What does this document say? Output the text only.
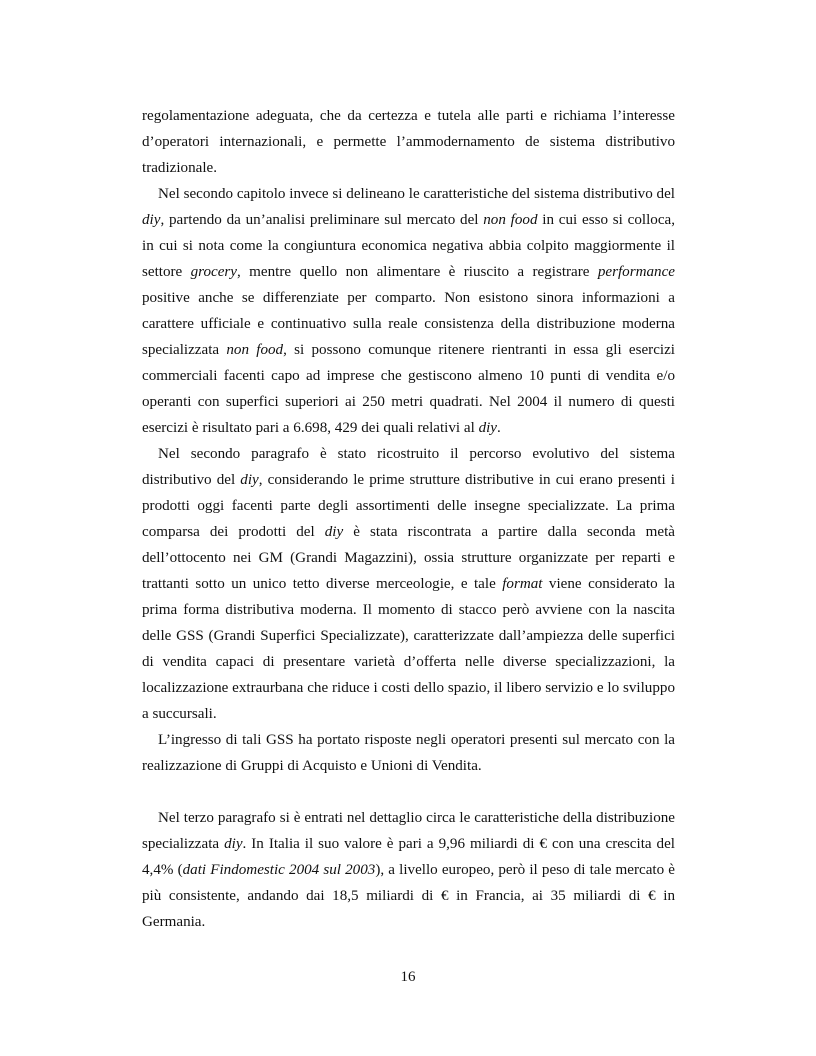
regolamentazione adeguata, che da certezza e tutela alle parti e richiama l’interesse d’operatori internazionali, e permette l’ammodernamento de sistema distributivo tradizionale.

Nel secondo capitolo invece si delineano le caratteristiche del sistema distributivo del diy, partendo da un’analisi preliminare sul mercato del non food in cui esso si colloca, in cui si nota come la congiuntura economica negativa abbia colpito maggiormente il settore grocery, mentre quello non alimentare è riuscito a registrare performance positive anche se differenziate per comparto. Non esistono sinora informazioni a carattere ufficiale e continuativo sulla reale consistenza della distribuzione moderna specializzata non food, si possono comunque ritenere rientranti in essa gli esercizi commerciali facenti capo ad imprese che gestiscono almeno 10 punti di vendita e/o operanti con superfici superiori ai 250 metri quadrati. Nel 2004 il numero di questi esercizi è risultato pari a 6.698, 429 dei quali relativi al diy.

Nel secondo paragrafo è stato ricostruito il percorso evolutivo del sistema distributivo del diy, considerando le prime strutture distributive in cui erano presenti i prodotti oggi facenti parte degli assortimenti delle insegne specializzate. La prima comparsa dei prodotti del diy è stata riscontrata a partire dalla seconda metà dell’ottocento nei GM (Grandi Magazzini), ossia strutture organizzate per reparti e trattanti sotto un unico tetto diverse merceologie, e tale format viene considerato la prima forma distributiva moderna. Il momento di stacco però avviene con la nascita delle GSS (Grandi Superfici Specializzate), caratterizzate dall’ampiezza delle superfici di vendita capaci di presentare varietà d’offerta nelle diverse specializzazioni, la localizzazione extraurbana che riduce i costi dello spazio, il libero servizio e lo sviluppo a succursali.

L’ingresso di tali GSS ha portato risposte negli operatori presenti sul mercato con la realizzazione di Gruppi di Acquisto e Unioni di Vendita.

Nel terzo paragrafo si è entrati nel dettaglio circa le caratteristiche della distribuzione specializzata diy. In Italia il suo valore è pari a 9,96 miliardi di € con una crescita del 4,4% (dati Findomestic 2004 sul 2003), a livello europeo, però il peso di tale mercato è più consistente, andando dai 18,5 miliardi di € in Francia, ai 35 miliardi di € in Germania.

16
